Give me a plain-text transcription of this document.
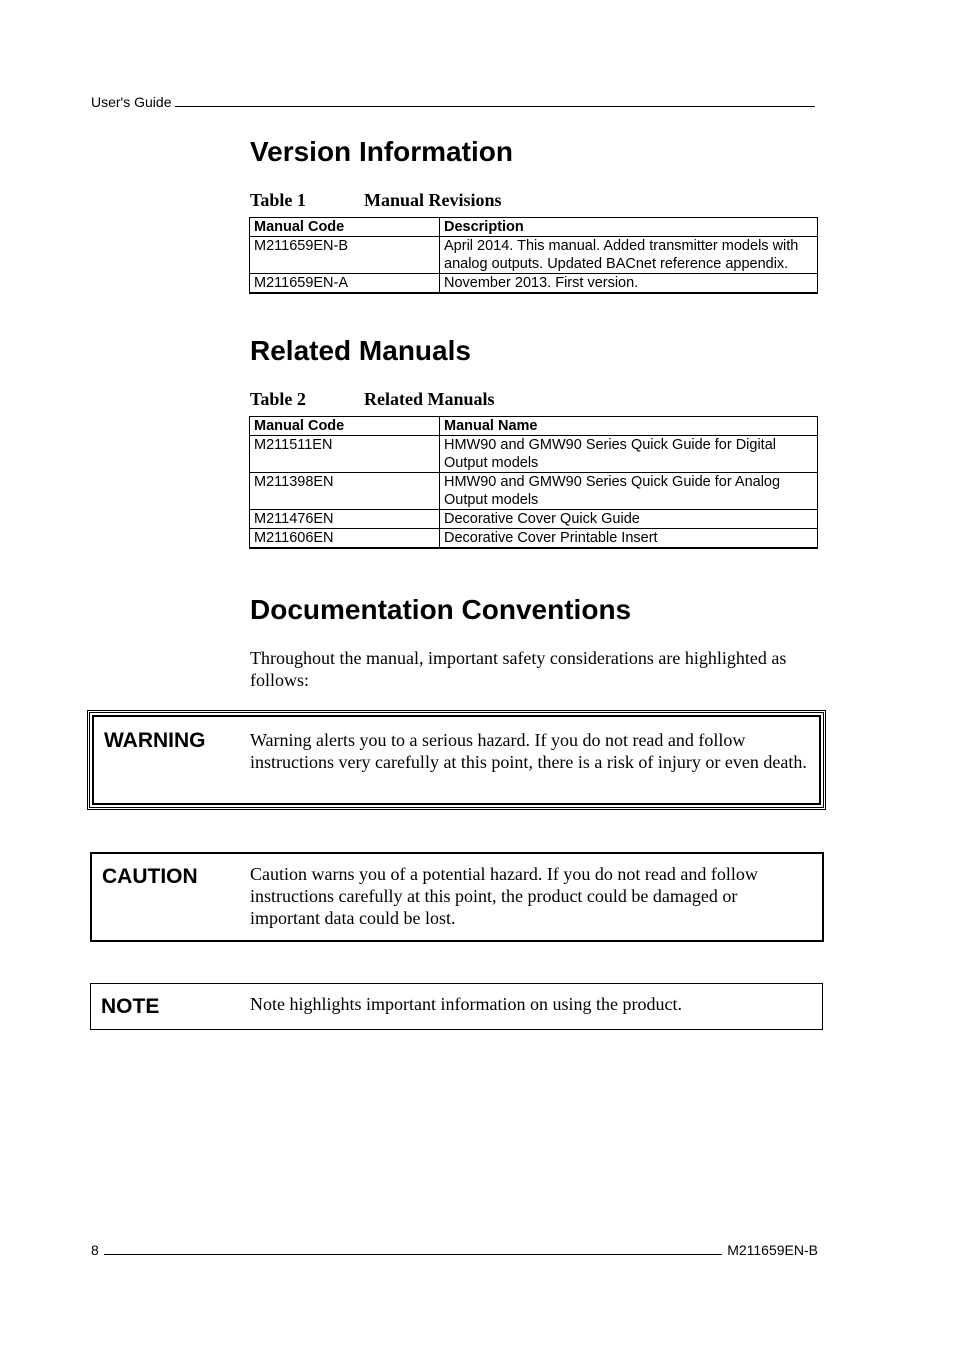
User's Guide
Version Information
Table 1	Manual Revisions
Manual Code	Description
M211659EN-B	April 2014. This manual. Added transmitter models with analog outputs. Updated BACnet reference appendix.
M211659EN-A	November 2013. First version.
Related Manuals
Table 2	Related Manuals
Manual Code	Manual Name
M211511EN	HMW90 and GMW90 Series Quick Guide for Digital Output models
M211398EN	HMW90 and GMW90 Series Quick Guide for Analog Output models
M211476EN	Decorative Cover Quick Guide
M211606EN	Decorative Cover Printable Insert
Documentation Conventions
Throughout the manual, important safety considerations are highlighted as follows:
WARNING Warning alerts you to a serious hazard. If you do not read and follow instructions very carefully at this point, there is a risk of injury or even death.
CAUTION	Caution warns you of a potential hazard. If you do not read and follow instructions carefully at this point, the product could be damaged or important data could be lost.
NOTE	Note highlights important information on using the product.
8	M211659EN-B
